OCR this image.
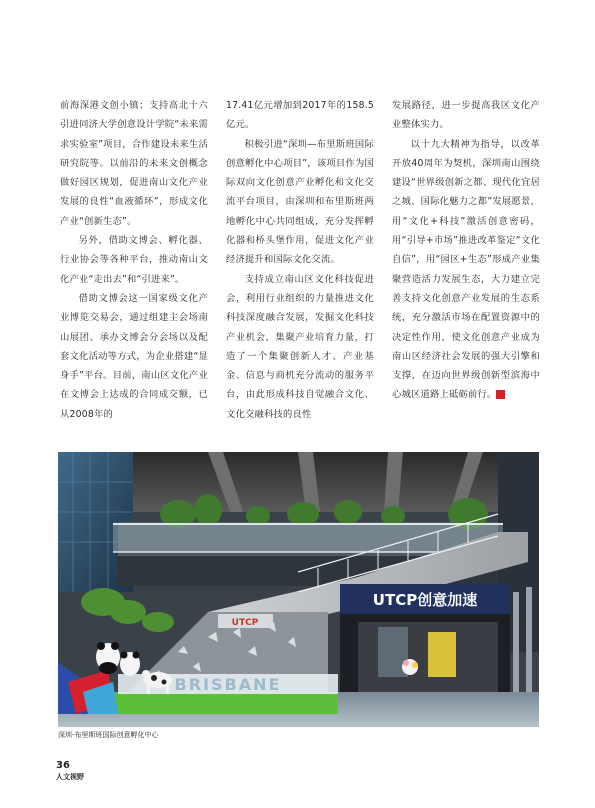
前海深港文创小镇；支持高北十六引进同济大学创意设计学院“未来需求实验室”项目，合作建设未来生活研究院等。以前沿的未来文创概念做好园区规划，促进南山文化产业发展的良性“血液循环”，形成文化产业“创新生态”。

另外，借助文博会、孵化器、行业协会等各种平台，推动南山文化产业“走出去”和“引进来”。

借助文博会这一国家级文化产业博览交易会，通过组建主会场南山展团、承办文博会分会场以及配套文化活动等方式，为企业搭建“显身手”平台。目前，南山区文化产业在文博会上达成的合同成交额，已从2008年的

17.41亿元增加到2017年的158.5亿元。

积极引进“深圳—布里斯班国际创意孵化中心项目”，该项目作为国际双向文化创意产业孵化和文化交流平台项目，由深圳和布里斯班两地孵化中心共同组成，充分发挥孵化器和桥头堡作用，促进文化产业经济提升和国际文化交流。

支持成立南山区文化科技促进会，利用行业组织的力量推进文化科技深度融合发展，发掘文化科技产业机会，集聚产业培育力量，打造了一个集聚创新人才、产业基金、信息与商机充分流动的服务平台，由此形成科技自觉融合文化、文化交融科技的良性

发展路径，进一步提高我区文化产业整体实力。

以十九大精神为指导，以改革开放40周年为契机，深圳南山围绕建设“世界级创新之都、现代化宜居之城、国际化魅力之都”发展愿景，用“文化+科技”激活创意密码，用“引导+市场”推进改革鉴定“文化自信”，用“园区+生态”形成产业集聚营造活力发展生态，大力建立完善支持文化创意产业发展的生态系统，充分激活市场在配置资源中的决定性作用，使文化创意产业成为南山区经济社会发展的强大引擎和支撑，在迈向世界级创新型滨海中心城区道路上砥砺前行。	N

UTCP
UTCP创意加速
BRISBANE
深圳-布里斯班国际创意孵化中心
36
人文视野
